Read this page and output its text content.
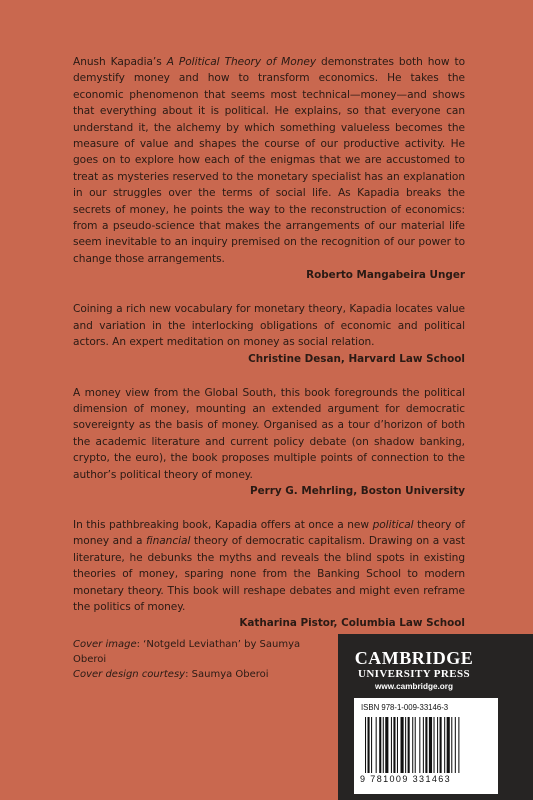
Anush Kapadia’s A Political Theory of Money demonstrates both how to demystify money and how to transform economics. He takes the economic phenomenon that seems most technical—money—and shows that everything about it is political. He explains, so that everyone can understand it, the alchemy by which something valueless becomes the measure of value and shapes the course of our productive activity. He goes on to explore how each of the enigmas that we are accustomed to treat as mysteries reserved to the monetary specialist has an explanation in our struggles over the terms of social life. As Kapadia breaks the secrets of money, he points the way to the reconstruction of economics: from a pseudo-science that makes the arrangements of our material life seem inevitable to an inquiry premised on the recognition of our power to change those arrangements.

Roberto Mangabeira Unger

Coining a rich new vocabulary for monetary theory, Kapadia locates value and variation in the interlocking obligations of economic and political actors. An expert meditation on money as social relation.

Christine Desan, Harvard Law School

A money view from the Global South, this book foregrounds the political dimension of money, mounting an extended argument for democratic sovereignty as the basis of money. Organised as a tour d’horizon of both the academic literature and current policy debate (on shadow banking, crypto, the euro), the book proposes multiple points of connection to the author’s political theory of money.

Perry G. Mehrling, Boston University

In this pathbreaking book, Kapadia offers at once a new political theory of money and a financial theory of democratic capitalism. Drawing on a vast literature, he debunks the myths and reveals the blind spots in existing theories of money, sparing none from the Banking School to modern monetary theory. This book will reshape debates and might even reframe the politics of money.

Katharina Pistor, Columbia Law School
Cover image: ‘Notgeld Leviathan’ by Saumya Oberoi
Cover design courtesy: Saumya Oberoi
CAMBRIDGE
UNIVERSITY PRESS
www.cambridge.org
ISBN 978-1-009-33146-3
9 781009 331463
